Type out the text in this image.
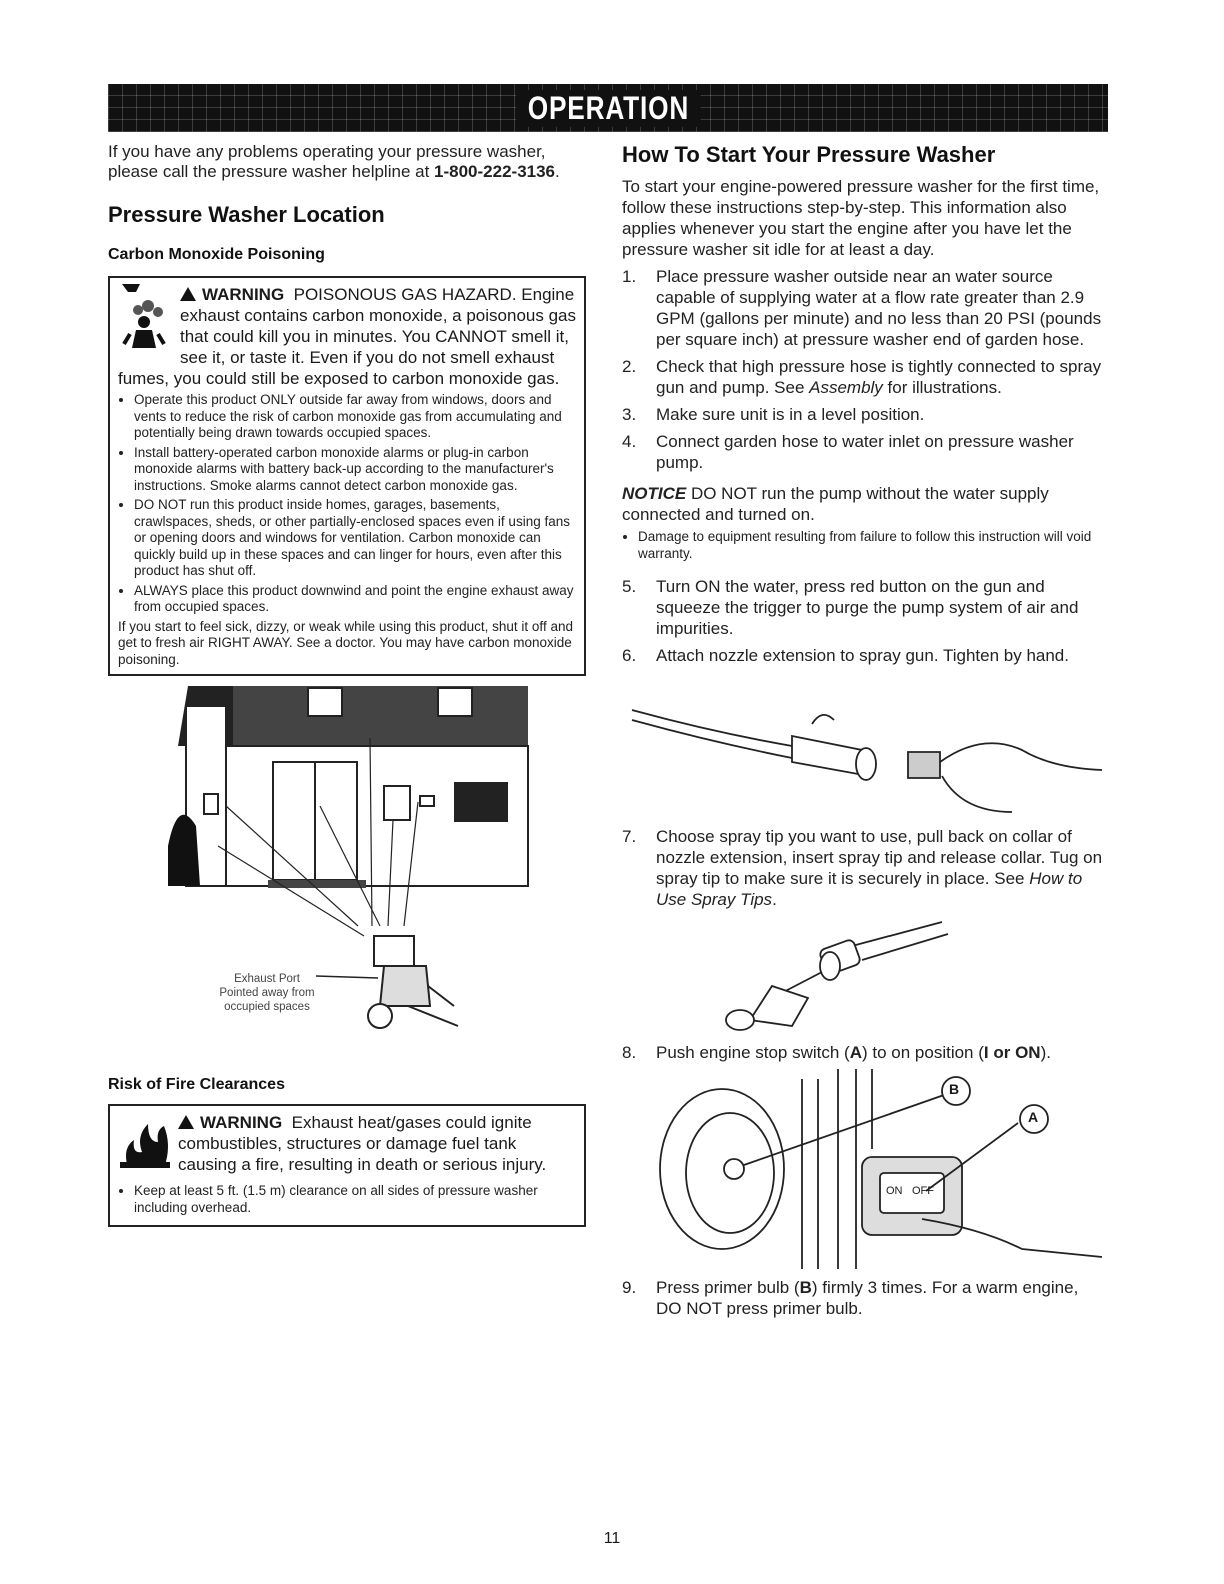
OPERATION

If you have any problems operating your pressure washer, please call the pressure washer helpline at 1-800-222-3136.

Pressure Washer Location
Carbon Monoxide Poisoning
WARNING POISONOUS GAS HAZARD. Engine exhaust contains carbon monoxide, a poisonous gas that could kill you in minutes. You CANNOT smell it, see it, or taste it. Even if you do not smell exhaust fumes, you could still be exposed to carbon monoxide gas.
• Operate this product ONLY outside far away from windows, doors and vents to reduce the risk of carbon monoxide gas from accumulating and potentially being drawn towards occupied spaces.
• Install battery-operated carbon monoxide alarms or plug-in carbon monoxide alarms with battery back-up according to the manufacturer's instructions. Smoke alarms cannot detect carbon monoxide gas.
• DO NOT run this product inside homes, garages, basements, crawlspaces, sheds, or other partially-enclosed spaces even if using fans or opening doors and windows for ventilation. Carbon monoxide can quickly build up in these spaces and can linger for hours, even after this product has shut off.
• ALWAYS place this product downwind and point the engine exhaust away from occupied spaces.

If you start to feel sick, dizzy, or weak while using this product, shut it off and get to fresh air RIGHT AWAY. See a doctor. You may have carbon monoxide poisoning.

Exhaust Port
Pointed away from
occupied spaces
Risk of Fire Clearances
WARNING Exhaust heat/gases could ignite combustibles, structures or damage fuel tank causing a fire, resulting in death or serious injury.
• Keep at least 5 ft. (1.5 m) clearance on all sides of pressure washer including overhead.
How To Start Your Pressure Washer

To start your engine-powered pressure washer for the first time, follow these instructions step-by-step. This information also applies whenever you start the engine after you have let the pressure washer sit idle for at least a day.

1.	Place pressure washer outside near an water source capable of supplying water at a flow rate greater than 2.9 GPM (gallons per minute) and no less than 20 PSI (pounds per square inch) at pressure washer end of garden hose.
2.	Check that high pressure hose is tightly connected to spray gun and pump. See Assembly for illustrations.
3.	Make sure unit is in a level position.
4.	Connect garden hose to water inlet on pressure washer pump.

NOTICE DO NOT run the pump without the water supply connected and turned on.

• Damage to equipment resulting from failure to follow this instruction will void warranty.
5.	Turn ON the water, press red button on the gun and squeeze the trigger to purge the pump system of air and impurities.
6.	Attach nozzle extension to spray gun. Tighten by hand.
7.	Choose spray tip you want to use, pull back on collar of nozzle extension, insert spray tip and release collar. Tug on spray tip to make sure it is securely in place. See How to Use Spray Tips.
8.	Push engine stop switch (A) to on position (I or ON).
B
A
ON OFF
9.	Press primer bulb (B) firmly 3 times. For a warm engine, DO NOT press primer bulb.
11
